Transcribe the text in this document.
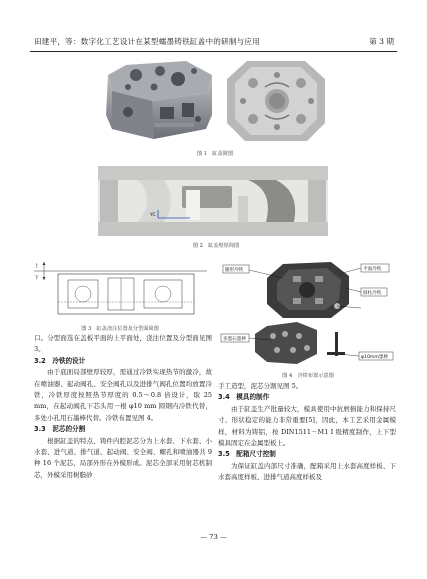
田建平，等：数字化工艺设计在某型蠕墨铸铁缸盖中的研制与应用	第 3 期
图 1　缸盖简图
YC
图 2　缸盖壁厚简图
上
下
图 3　缸盖浇注位置及分型面简图
随形冷铁	平面冷铁
圆柱冷铁
多墨石墨棒
φ10mm墨棒
图 4　冷铁布置示意图

口。分型面选在盖板平面的上平面处，浇注位置及分型面见图 3。

3.2　冷铁的设计

由于底面局部壁厚较厚，需通过冷铁实现热节的激冷，故在喷油器、起动阀孔、安全阀孔以及进排气阀孔位置均放置冷铁，冷铁厚度按照热节厚度的 0.5～0.8 倍设计，取 25 mm，在起动阀孔下芯头用一根 φ10 mm 圆钢内冷铁代替，多处小孔用石墨棒代替。冷铁布置见图 4。

3.3　泥芯的分割

根据缸盖的特点，铸件内腔泥芯分为上水套、下水套、小水套、进气道、排气道、起动阀、安全阀、螺孔和喷油器共 9 种 16 个泥芯，局部外形在外模形成。泥芯全部采用射芯机制芯，外模采用树脂砂

手工造型，泥芯分割见图 5。

3.4　模具的制作

由于缸盖生产批量较大，模具使用中抗磨损能力和保持尺寸、形状稳定的能力非常重要[5]，因此，本工艺采用金属模样，材料为铸铝，按 DIN1511－M1 I 级精度制作，上下型模具固定在金属型板上。

3.5　配箱尺寸控制

为保证缸盖内部尺寸准确，配箱采用上水套高度样板、下水套高度样板、进排气道高度样板及

— 73 —
